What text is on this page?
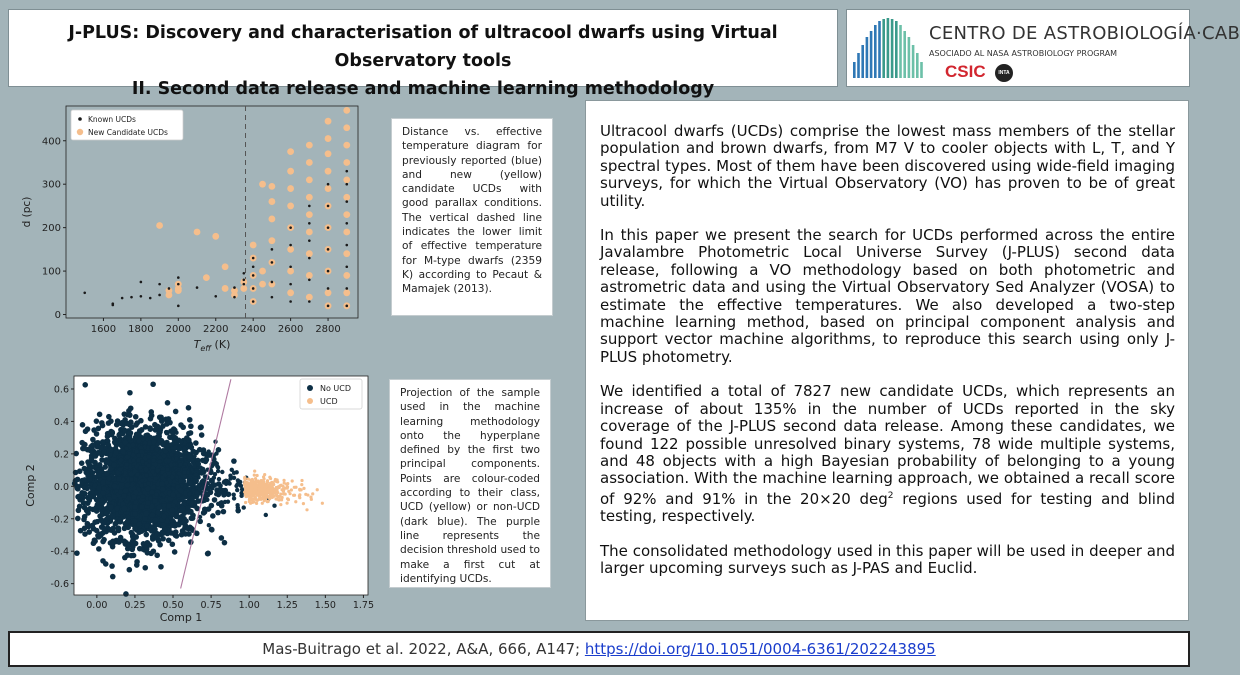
J-PLUS: Discovery and characterisation of ultracool dwarfs using Virtual Observatory tools
II. Second data release and machine learning methodology
CENTRO DE ASTROBIOLOGÍA·CAB
ASOCIADO AL NASA ASTROBIOLOGY PROGRAM
CSIC	INTA
1600 1800 2000 2200 2400 2600 2800
0
100
200
300
400
$T_{eff}$ (K)
d (pc)
Known UCDs
New Candidate UCDs	Distance vs. effective temperature diagram for previously reported (blue) and new (yellow) candidate UCDs with good parallax conditions. The vertical dashed line indicates the lower limit of effective temperature for M-type dwarfs (2359 K) according to Pecaut & Mamajek (2013).
0.00 0.25 0.50 0.75 1.00 1.25 1.50 1.75
-0.6
-0.4
-0.2
0.0
0.2
0.4
0.6
Comp 1
Comp 2
No UCD
UCD
Projection of the sample used in the machine learning methodology onto the hyperplane defined by the first two principal components. Points are colour-coded according to their class, UCD (yellow) or non-UCD (dark blue). The purple line represents the decision threshold used to make a first cut at identifying UCDs.

Ultracool dwarfs (UCDs) comprise the lowest mass members of the stellar population and brown dwarfs, from M7 V to cooler objects with L, T, and Y spectral types. Most of them have been discovered using wide-field imaging surveys, for which the Virtual Observatory (VO) has proven to be of great utility.

In this paper we present the search for UCDs performed across the entire Javalambre Photometric Local Universe Survey (J-PLUS) second data release, following a VO methodology based on both photometric and astrometric data and using the Virtual Observatory Sed Analyzer (VOSA) to estimate the effective temperatures. We also developed a two-step machine learning method, based on principal component analysis and support vector machine algorithms, to reproduce this search using only J-PLUS photometry.

We identified a total of 7827 new candidate UCDs, which represents an increase of about 135% in the number of UCDs reported in the sky coverage of the J-PLUS second data release. Among these candidates, we found 122 possible unresolved binary systems, 78 wide multiple systems, and 48 objects with a high Bayesian probability of belonging to a young association. With the machine learning approach, we obtained a recall score of 92% and 91% in the 20×20 deg$^2$ regions used for testing and blind testing, respectively.

The consolidated methodology used in this paper will be used in deeper and larger upcoming surveys such as J-PAS and Euclid.

Mas-Buitrago et al. 2022, A&A, 666, A147; https://doi.org/10.1051/0004-6361/202243895
